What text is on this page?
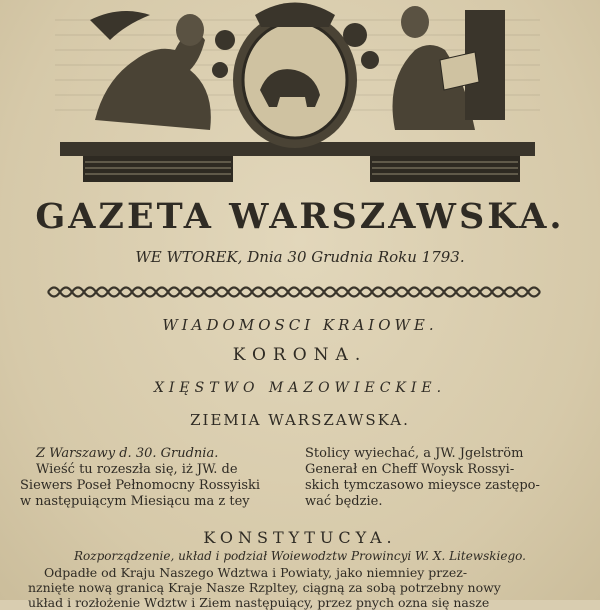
GAZETA WARSZAWSKA.
WE WTOREK, Dnia 30 Grudnia Roku 1793.
WIADOMOSCI KRAIOWE.
KORONA.
XIĘSTWO MAZOWIECKIE.
ZIEMIA WARSZAWSKA.
Z Warszawy d. 30. Grudnia.
Wieść tu rozeszła się, iż JW. de
Siewers Poseł Pełnomocny Rossyiski
w następuiącym Miesiącu ma z tey
Stolicy wyiechać, a JW. Jgelström
Generał en Cheff Woysk Rossyi-
skich tymczasowo mieysce zastępo-
wać będzie.
KONSTYTUCYA.
Rozporządzenie, układ i podział Woiewodztw Prowincyi W. X. Litewskiego.
Odpadłe od Kraju Naszego Wdztwa i Powiaty, jako niemniey przez-
nznięte nową granicą Kraje Nasze Rzpltey, ciągną za sobą potrzebny nowy
układ i rozłożenie Wdztw i Ziem następuiący, przez pnych ozna się nasze
